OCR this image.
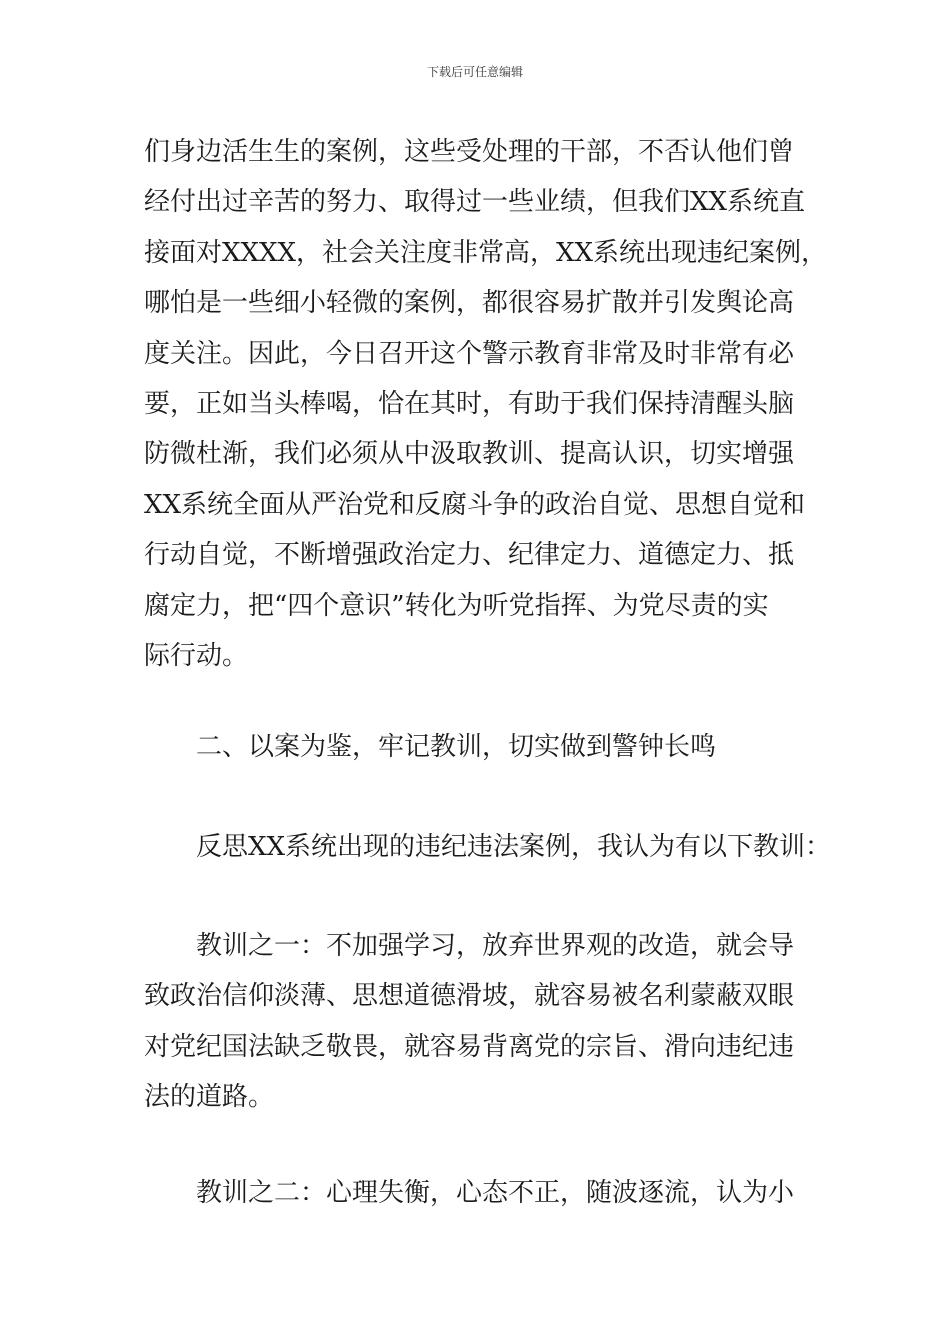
下载后可任意编辑
们身边活生生的案例，这些受处理的干部，不否认他们曾
经付出过辛苦的努力、取得过一些业绩，但我们XX系统直
接面对XXXX，社会关注度非常高，XX系统出现违纪案例，
哪怕是一些细小轻微的案例，都很容易扩散并引发舆论高
度关注。因此，今日召开这个警示教育非常及时非常有必
要，正如当头棒喝，恰在其时，有助于我们保持清醒头脑
防微杜渐，我们必须从中汲取教训、提高认识，切实增强
XX系统全面从严治党和反腐斗争的政治自觉、思想自觉和
行动自觉，不断增强政治定力、纪律定力、道德定力、抵
腐定力，把“四个意识”转化为听党指挥、为党尽责的实
际行动。
二、以案为鉴，牢记教训，切实做到警钟长鸣
反思XX系统出现的违纪违法案例，我认为有以下教训：
教训之一：不加强学习，放弃世界观的改造，就会导
致政治信仰淡薄、思想道德滑坡，就容易被名利蒙蔽双眼
对党纪国法缺乏敬畏，就容易背离党的宗旨、滑向违纪违
法的道路。
教训之二：心理失衡，心态不正，随波逐流，认为小
